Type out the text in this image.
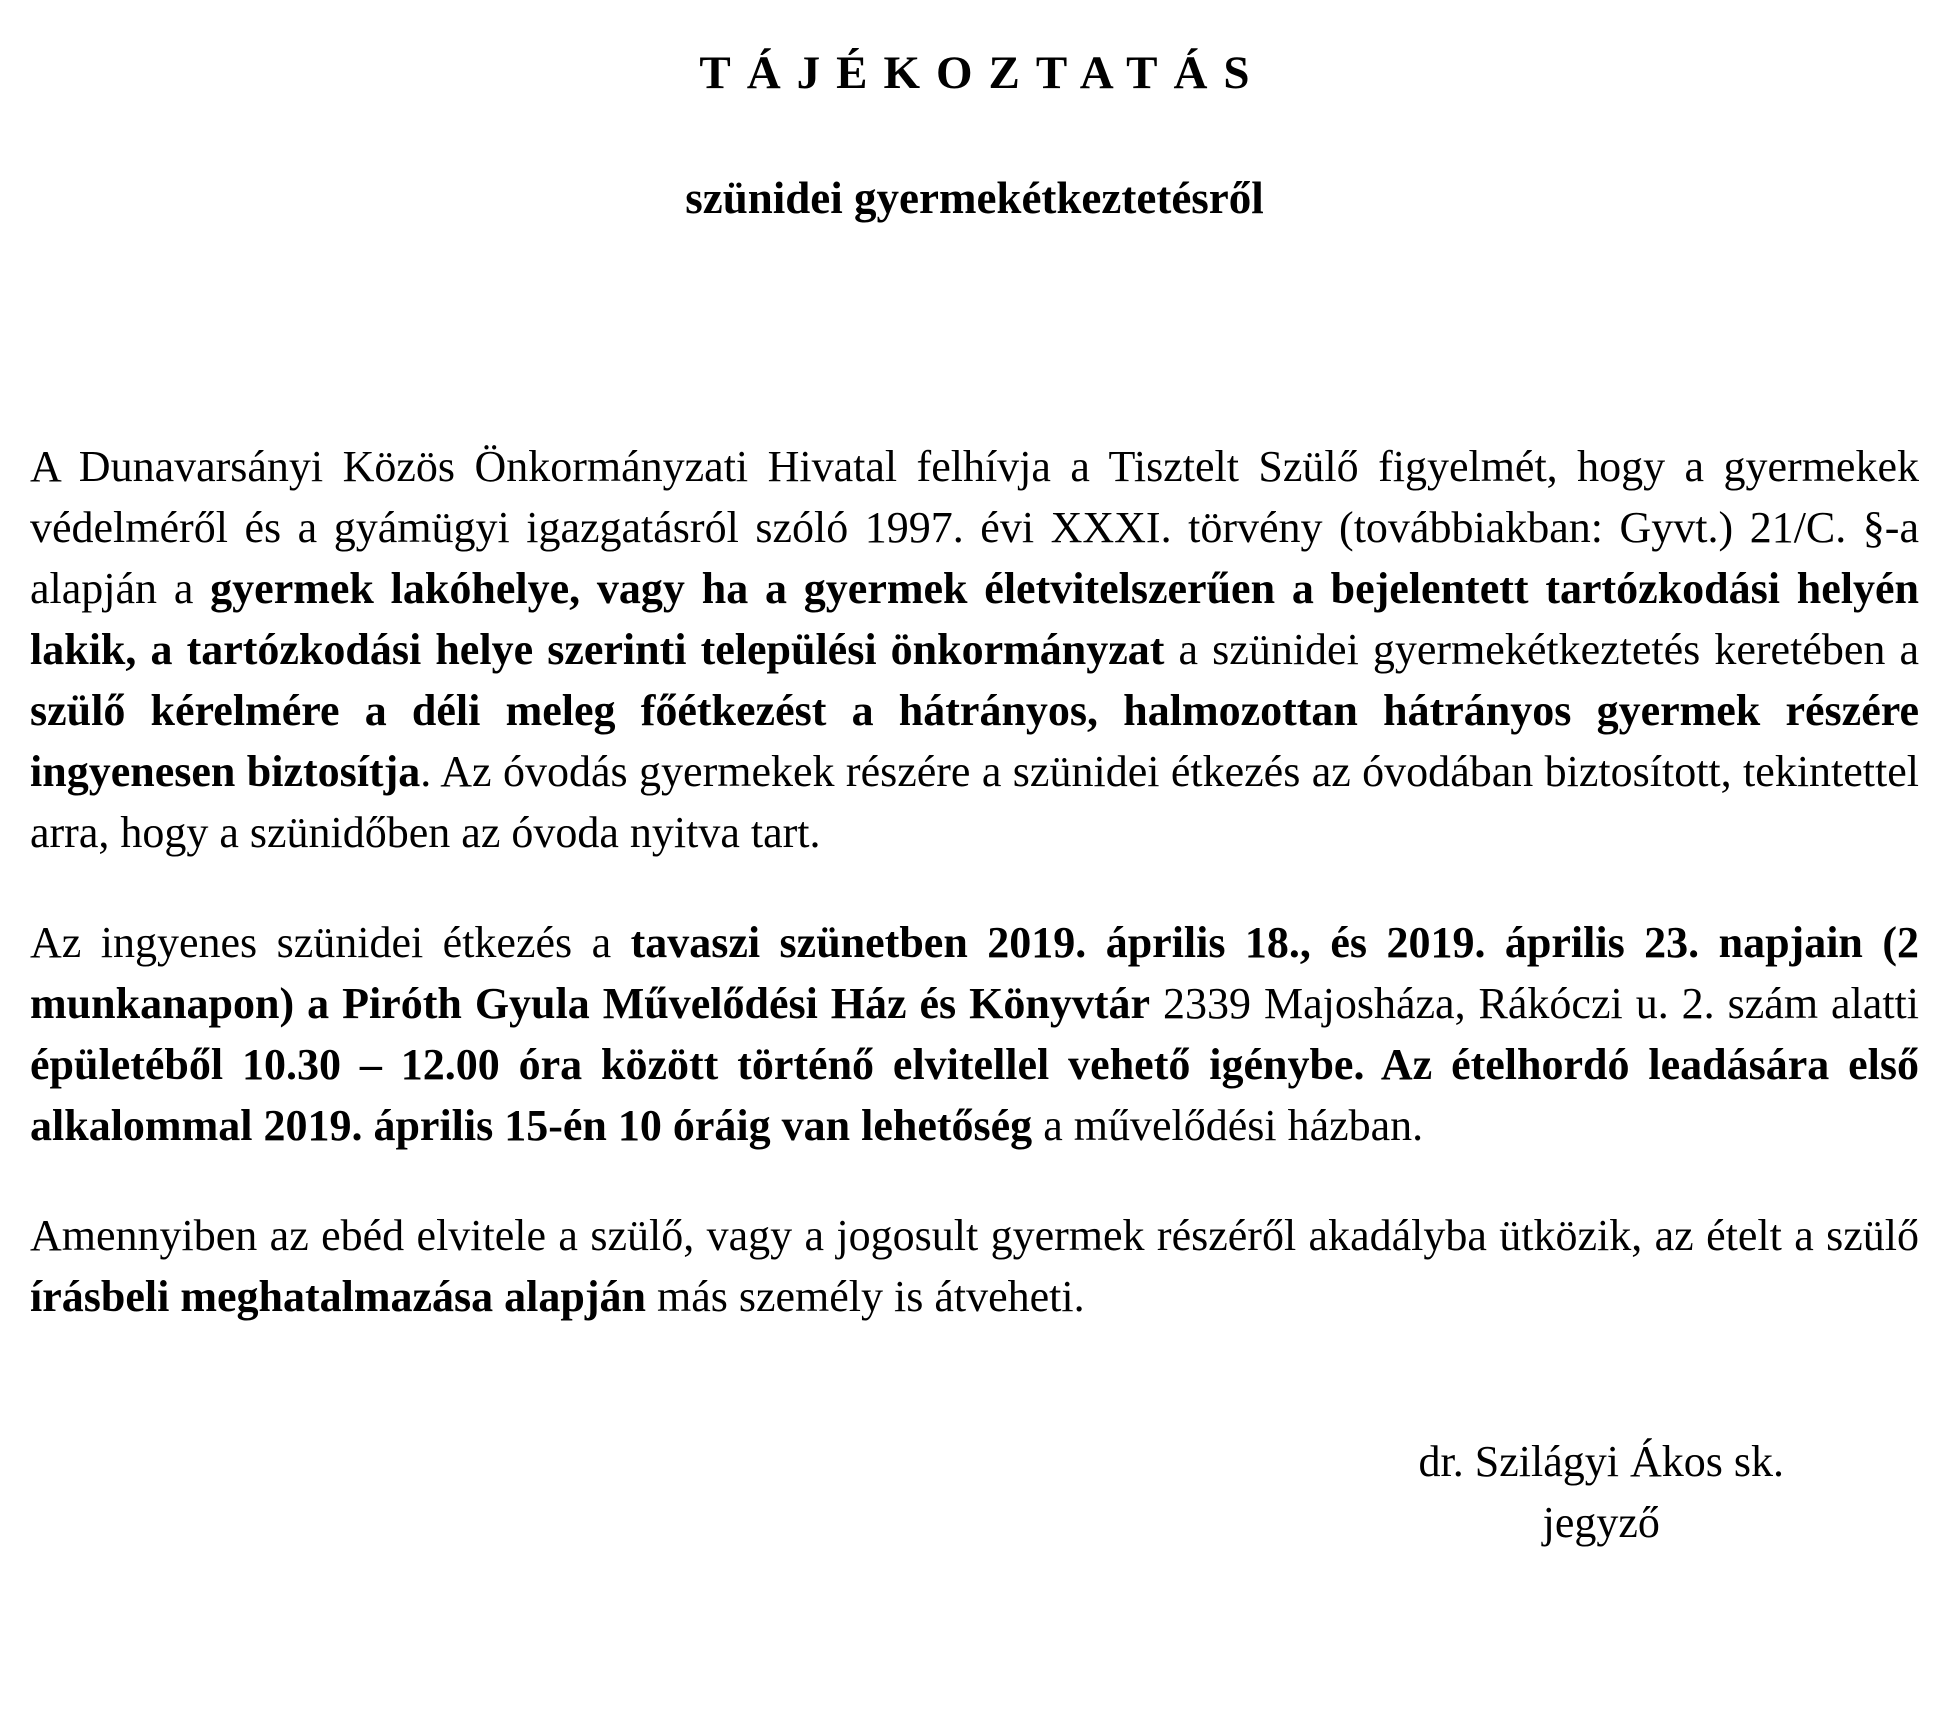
TÁJÉKOZTATÁS
szünidei gyermekétkeztetésről

A Dunavarsányi Közös Önkormányzati Hivatal felhívja a Tisztelt Szülő figyelmét, hogy a gyermekek védelméről és a gyámügyi igazgatásról szóló 1997. évi XXXI. törvény (továbbiakban: Gyvt.) 21/C. §-a alapján a gyermek lakóhelye, vagy ha a gyermek életvitelszerűen a bejelentett tartózkodási helyén lakik, a tartózkodási helye szerinti települési önkormányzat a szünidei gyermekétkeztetés keretében a szülő kérelmére a déli meleg főétkezést a hátrányos, halmozottan hátrányos gyermek részére ingyenesen biztosítja. Az óvodás gyermekek részére a szünidei étkezés az óvodában biztosított, tekintettel arra, hogy a szünidőben az óvoda nyitva tart.

Az ingyenes szünidei étkezés a tavaszi szünetben 2019. április 18., és 2019. április 23. napjain (2 munkanapon) a Piróth Gyula Művelődési Ház és Könyvtár 2339 Majosháza, Rákóczi u. 2. szám alatti épületéből 10.30 – 12.00 óra között történő elvitellel vehető igénybe. Az ételhordó leadására első alkalommal 2019. április 15-én 10 óráig van lehetőség a művelődési házban.

Amennyiben az ebéd elvitele a szülő, vagy a jogosult gyermek részéről akadályba ütközik, az ételt a szülő írásbeli meghatalmazása alapján más személy is átveheti.

dr. Szilágyi Ákos sk.
jegyző
